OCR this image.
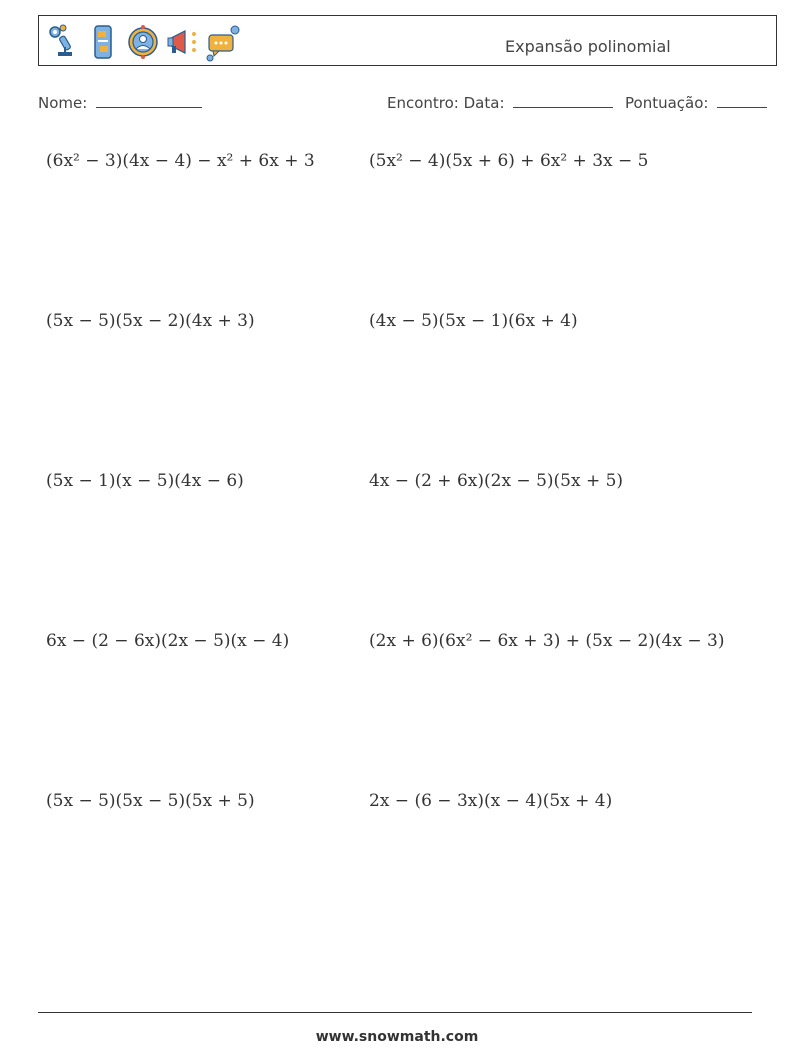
Expansão polinomial
Nome:	Encontro: Data:	Pontuação:
(6x² − 3)(4x − 4) − x² + 6x + 3	(5x² − 4)(5x + 6) + 6x² + 3x − 5
(5x − 5)(5x − 2)(4x + 3)	(4x − 5)(5x − 1)(6x + 4)
(5x − 1)(x − 5)(4x − 6)	4x − (2 + 6x)(2x − 5)(5x + 5)
6x − (2 − 6x)(2x − 5)(x − 4)	(2x + 6)(6x² − 6x + 3) + (5x − 2)(4x − 3)
(5x − 5)(5x − 5)(5x + 5)	2x − (6 − 3x)(x − 4)(5x + 4)
www.snowmath.com
